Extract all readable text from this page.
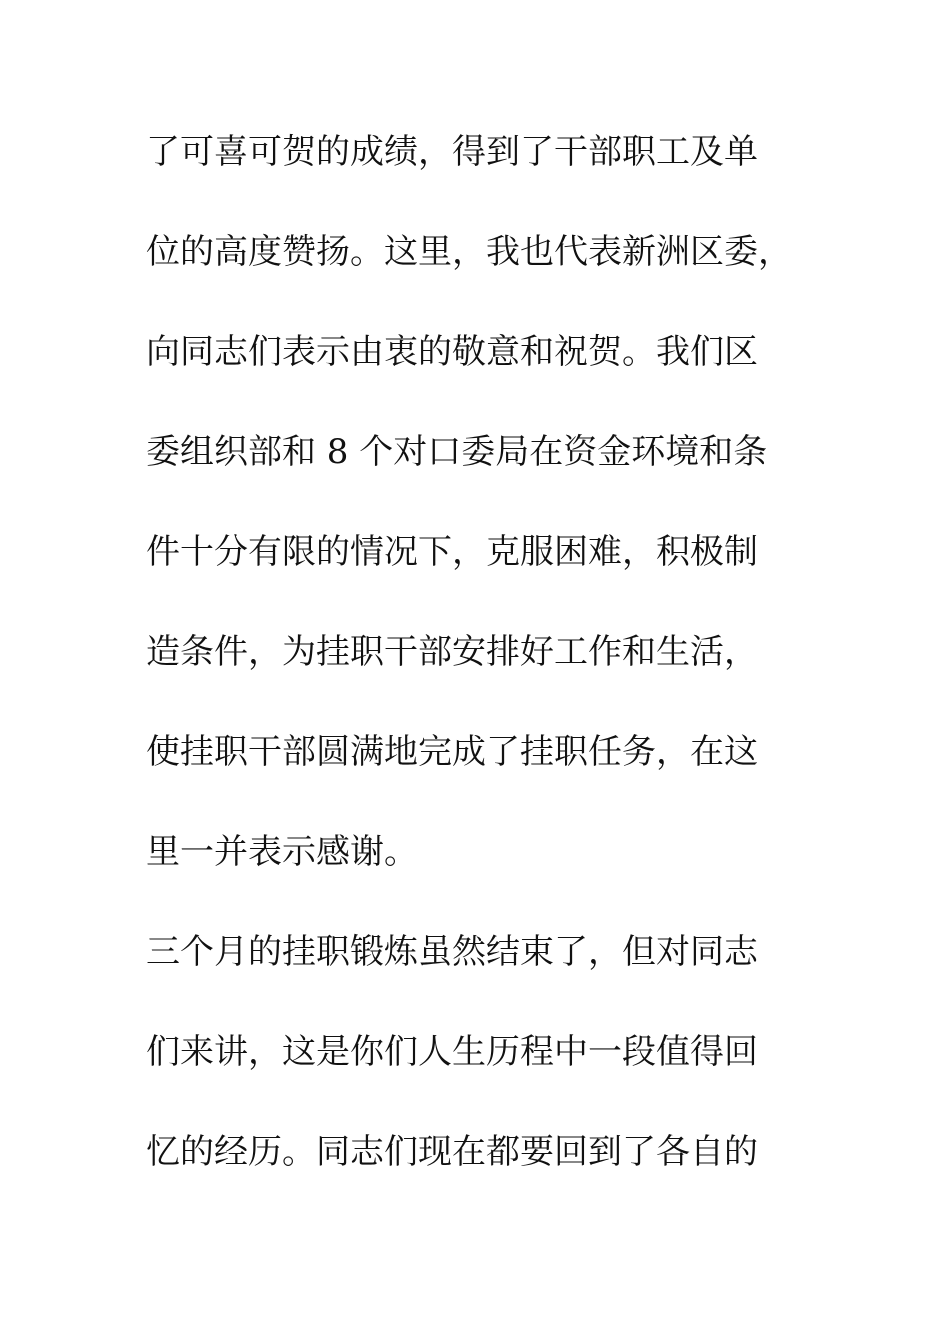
了可喜可贺的成绩，得到了干部职工及单
位的高度赞扬。这里，我也代表新洲区委，
向同志们表示由衷的敬意和祝贺。我们区
委组织部和 8 个对口委局在资金环境和条
件十分有限的情况下，克服困难，积极制
造条件，为挂职干部安排好工作和生活，
使挂职干部圆满地完成了挂职任务，在这
里一并表示感谢。
三个月的挂职锻炼虽然结束了，但对同志
们来讲，这是你们人生历程中一段值得回
忆的经历。同志们现在都要回到了各自的
